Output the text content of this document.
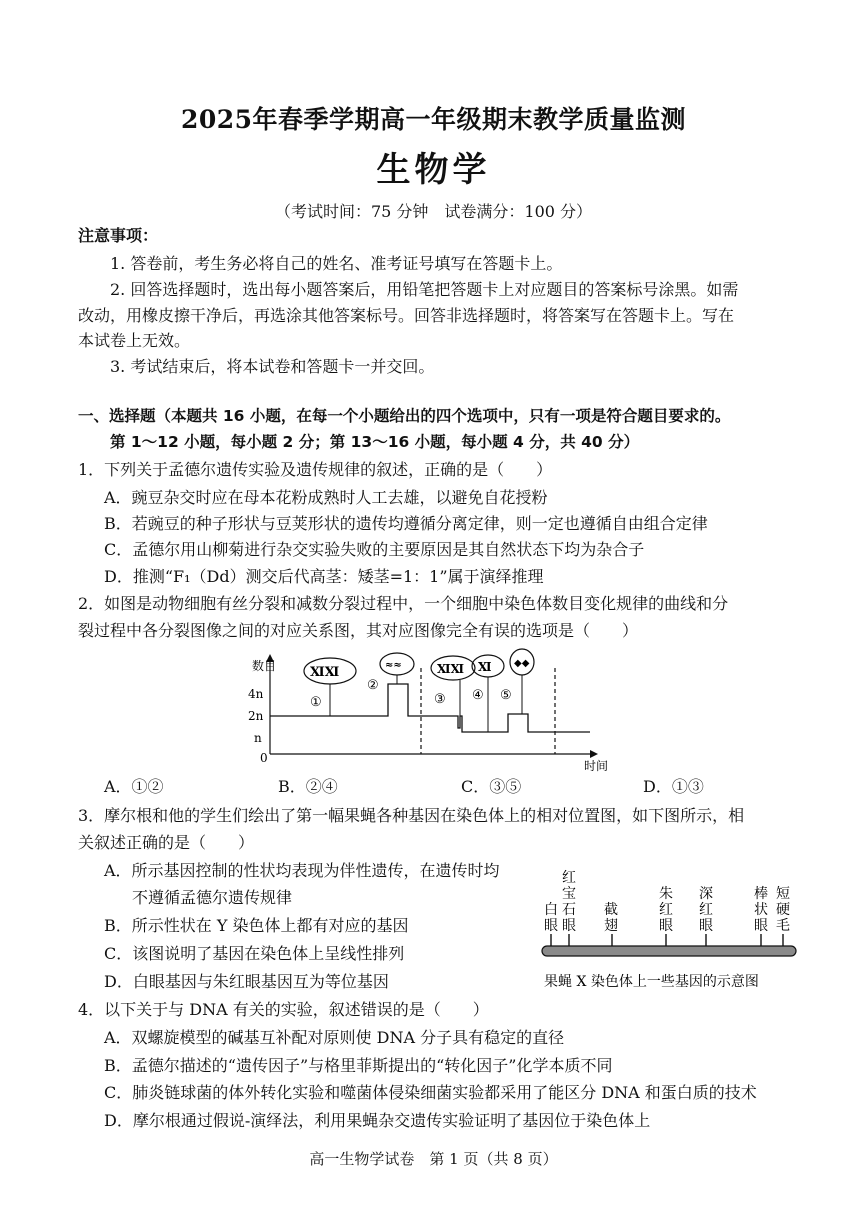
2025年春季学期高一年级期末教学质量监测
生物学
（考试时间：75 分钟　试卷满分：100 分）
注意事项：
1. 答卷前，考生务必将自己的姓名、准考证号填写在答题卡上。
2. 回答选择题时，选出每小题答案后，用铅笔把答题卡上对应题目的答案标号涂黑。如需
改动，用橡皮擦干净后，再选涂其他答案标号。回答非选择题时，将答案写在答题卡上。写在
本试卷上无效。
3. 考试结束后，将本试卷和答题卡一并交回。
一、选择题（本题共 16 小题，在每一个小题给出的四个选项中，只有一项是符合题目要求的。
第 1～12 小题，每小题 2 分；第 13～16 小题，每小题 4 分，共 40 分）
1．下列关于孟德尔遗传实验及遗传规律的叙述，正确的是（　　）
A．豌豆杂交时应在母本花粉成熟时人工去雄，以避免自花授粉
B．若豌豆的种子形状与豆荚形状的遗传均遵循分离定律，则一定也遵循自由组合定律
C．孟德尔用山柳菊进行杂交实验失败的主要原因是其自然状态下均为杂合子
D．推测“F₁（Dd）测交后代高茎：矮茎=1：1”属于演绎推理
2．如图是动物细胞有丝分裂和减数分裂过程中，一个细胞中染色体数目变化规律的曲线和分
裂过程中各分裂图像之间的对应关系图，其对应图像完全有误的选项是（　　）
数目
4n
2n
n
0
时间
ⅪⅪ	≈≈	ⅪⅪ Ⅺ ◆◆
①
②
③ ④ ⑤
A．①②	B．②④	C．③⑤	D．①③
3．摩尔根和他的学生们绘出了第一幅果蝇各种基因在染色体上的相对位置图，如下图所示，相
关叙述正确的是（　　）
A．所示基因控制的性状均表现为伴性遗传，在遗传时均
不遵循孟德尔遗传规律
B．所示性状在 Y 染色体上都有对应的基因
C．该图说明了基因在染色体上呈线性排列
D．白眼基因与朱红眼基因互为等位基因
白
眼
红
宝
石
眼
截
翅
朱
红
眼
深
红
眼
棒
状
眼
短
硬
毛
果蝇 X 染色体上一些基因的示意图
4．以下关于与 DNA 有关的实验，叙述错误的是（　　）
A．双螺旋模型的碱基互补配对原则使 DNA 分子具有稳定的直径
B．孟德尔描述的“遗传因子”与格里菲斯提出的“转化因子”化学本质不同
C．肺炎链球菌的体外转化实验和噬菌体侵染细菌实验都采用了能区分 DNA 和蛋白质的技术
D．摩尔根通过假说-演绎法，利用果蝇杂交遗传实验证明了基因位于染色体上
高一生物学试卷　第 1 页（共 8 页）
